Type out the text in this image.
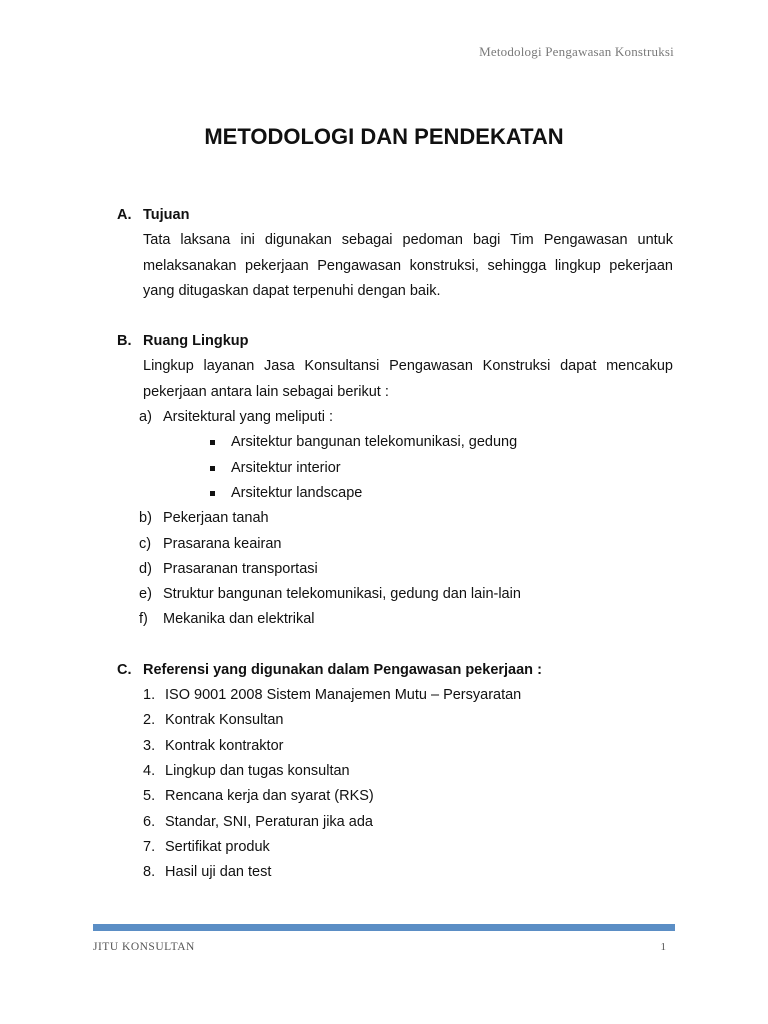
Metodologi Pengawasan Konstruksi
METODOLOGI DAN PENDEKATAN
A. Tujuan
Tata laksana ini digunakan sebagai pedoman bagi Tim Pengawasan untuk melaksanakan pekerjaan Pengawasan konstruksi, sehingga lingkup pekerjaan yang ditugaskan dapat terpenuhi dengan baik.
B. Ruang Lingkup
Lingkup layanan Jasa Konsultansi Pengawasan Konstruksi dapat mencakup pekerjaan antara lain sebagai berikut :
a) Arsitektural yang meliputi :
Arsitektur bangunan telekomunikasi, gedung
Arsitektur interior
Arsitektur landscape
b) Pekerjaan tanah
c) Prasarana keairan
d) Prasaranan transportasi
e) Struktur bangunan telekomunikasi, gedung dan lain-lain
f)	Mekanika dan elektrikal
C. Referensi yang digunakan dalam Pengawasan pekerjaan :
1. ISO 9001 2008 Sistem Manajemen Mutu – Persyaratan
2. Kontrak Konsultan
3. Kontrak kontraktor
4. Lingkup dan tugas konsultan
5. Rencana kerja dan syarat (RKS)
6. Standar, SNI, Peraturan jika ada
7. Sertifikat produk
8. Hasil uji dan test
JITU KONSULTAN	1
